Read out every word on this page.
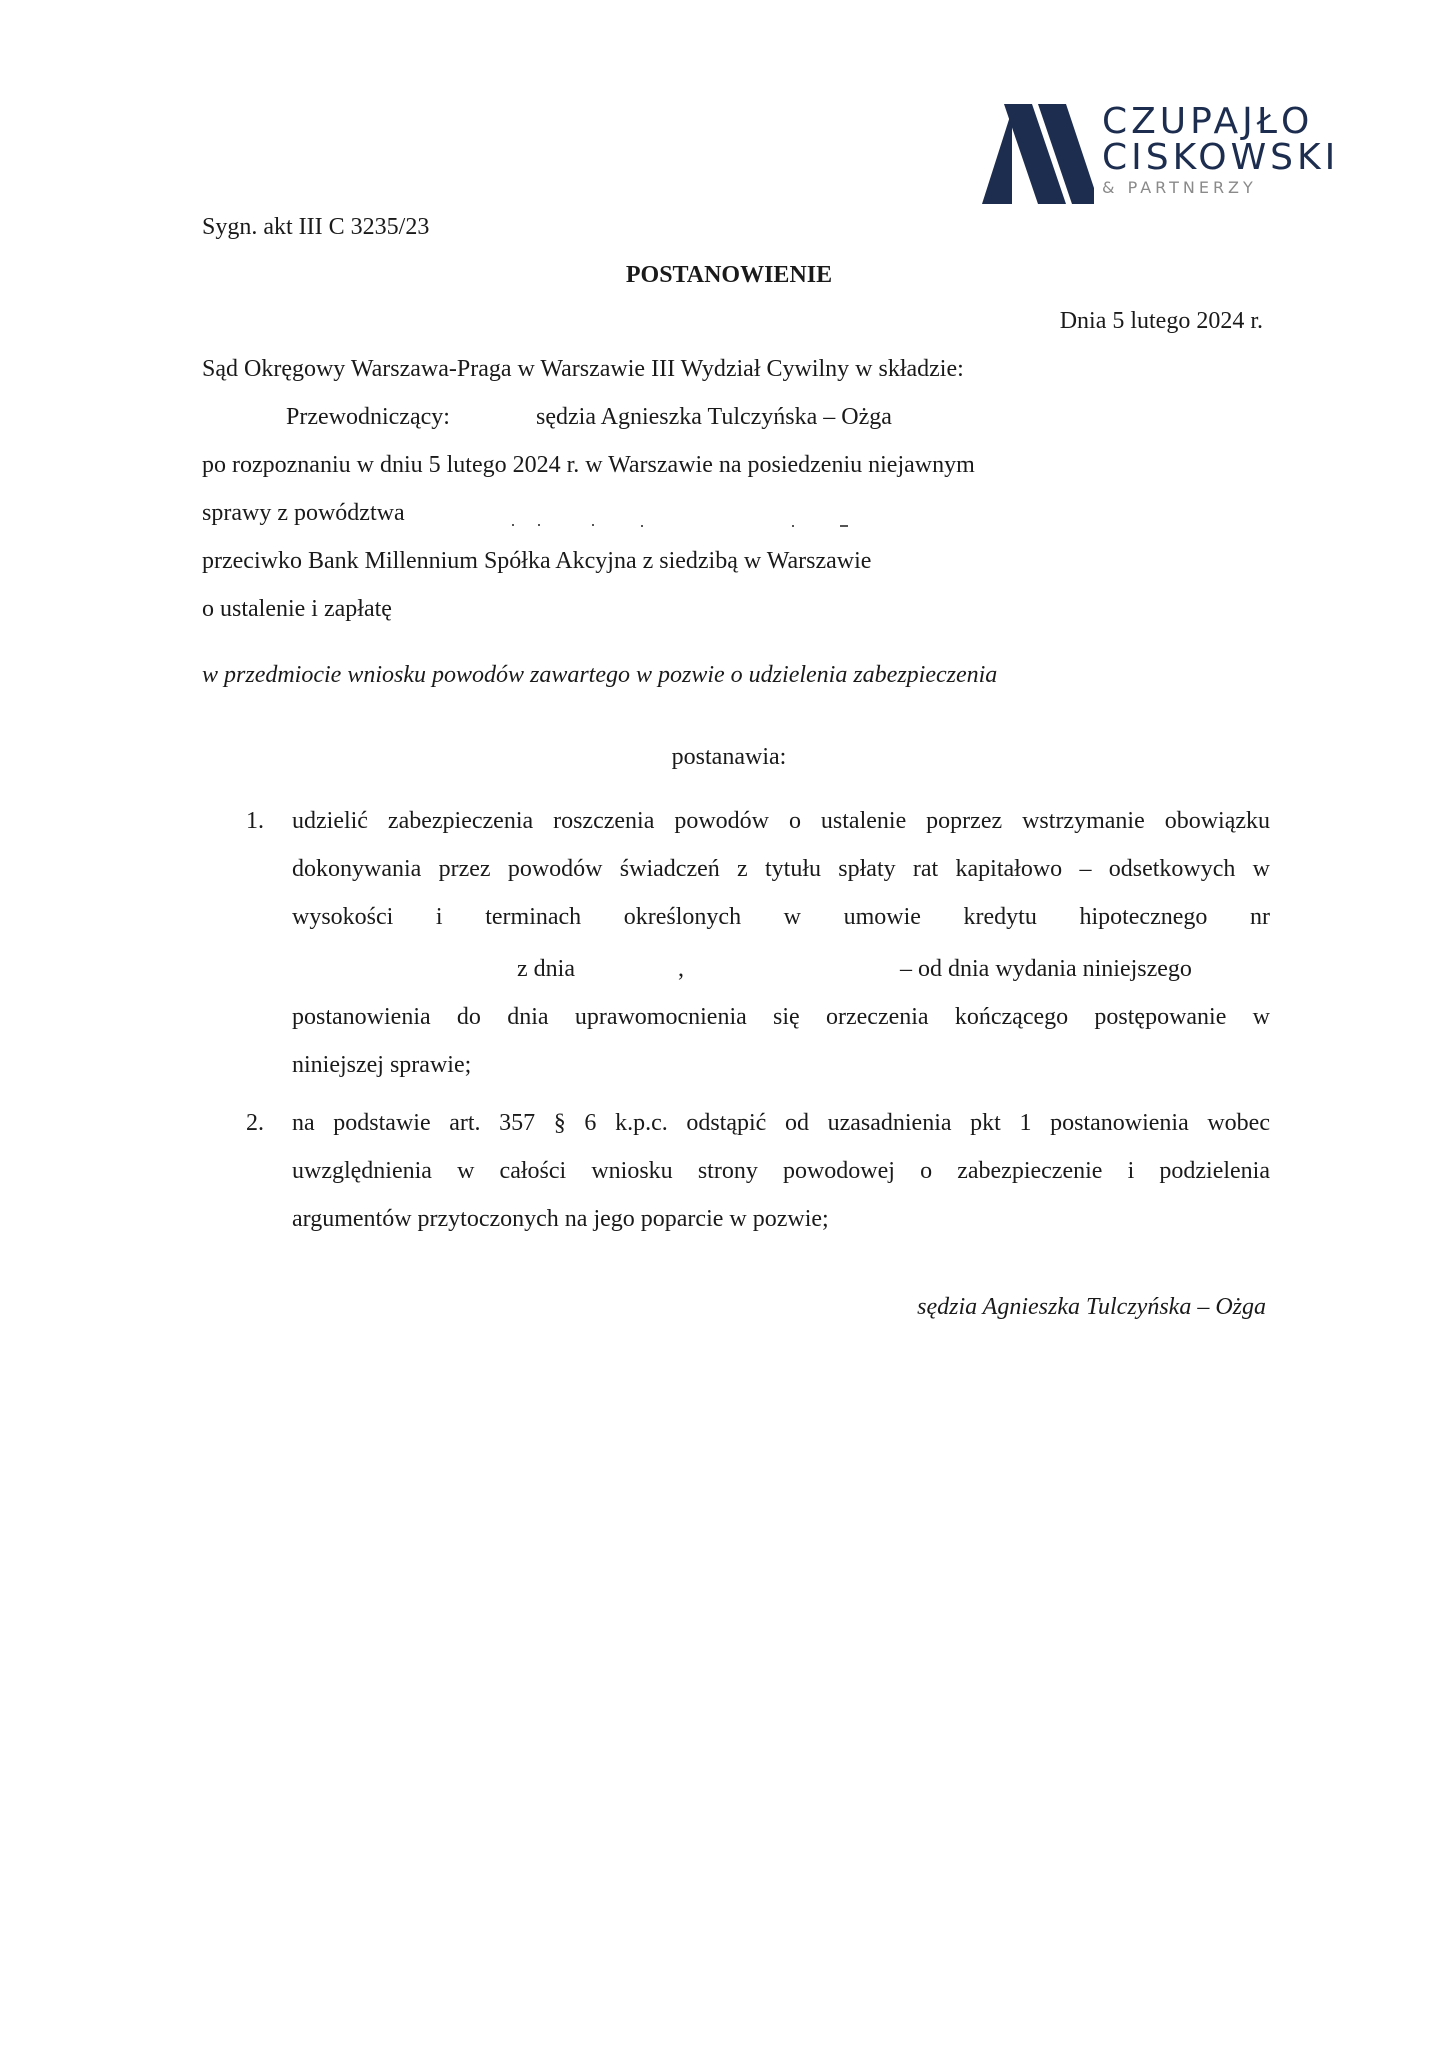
CZUPAJŁO
CISKOWSKI
& PARTNERZY
Sygn. akt III C 3235/23
POSTANOWIENIE
Dnia 5 lutego 2024 r.
Sąd Okręgowy Warszawa-Praga w Warszawie III Wydział Cywilny w składzie:
Przewodniczący:	sędzia Agnieszka Tulczyńska – Ożga
po rozpoznaniu w dniu 5 lutego 2024 r. w Warszawie na posiedzeniu niejawnym
sprawy z powództwa
przeciwko Bank Millennium Spółka Akcyjna z siedzibą w Warszawie
o ustalenie i zapłatę
w przedmiocie wniosku powodów zawartego w pozwie o udzielenia zabezpieczenia
postanawia:
1. udzielić zabezpieczenia roszczenia powodów o ustalenie poprzez wstrzymanie obowiązku
dokonywania przez powodów świadczeń z tytułu spłaty rat kapitałowo – odsetkowych w
wysokości i terminach określonych w umowie kredytu hipotecznego nr
z dnia	,	– od dnia wydania niniejszego
postanowienia do dnia uprawomocnienia się orzeczenia kończącego postępowanie w
niniejszej sprawie;
2. na podstawie art. 357 § 6 k.p.c. odstąpić od uzasadnienia pkt 1 postanowienia wobec
uwzględnienia w całości wniosku strony powodowej o zabezpieczenie i podzielenia
argumentów przytoczonych na jego poparcie w pozwie;
sędzia Agnieszka Tulczyńska – Ożga
